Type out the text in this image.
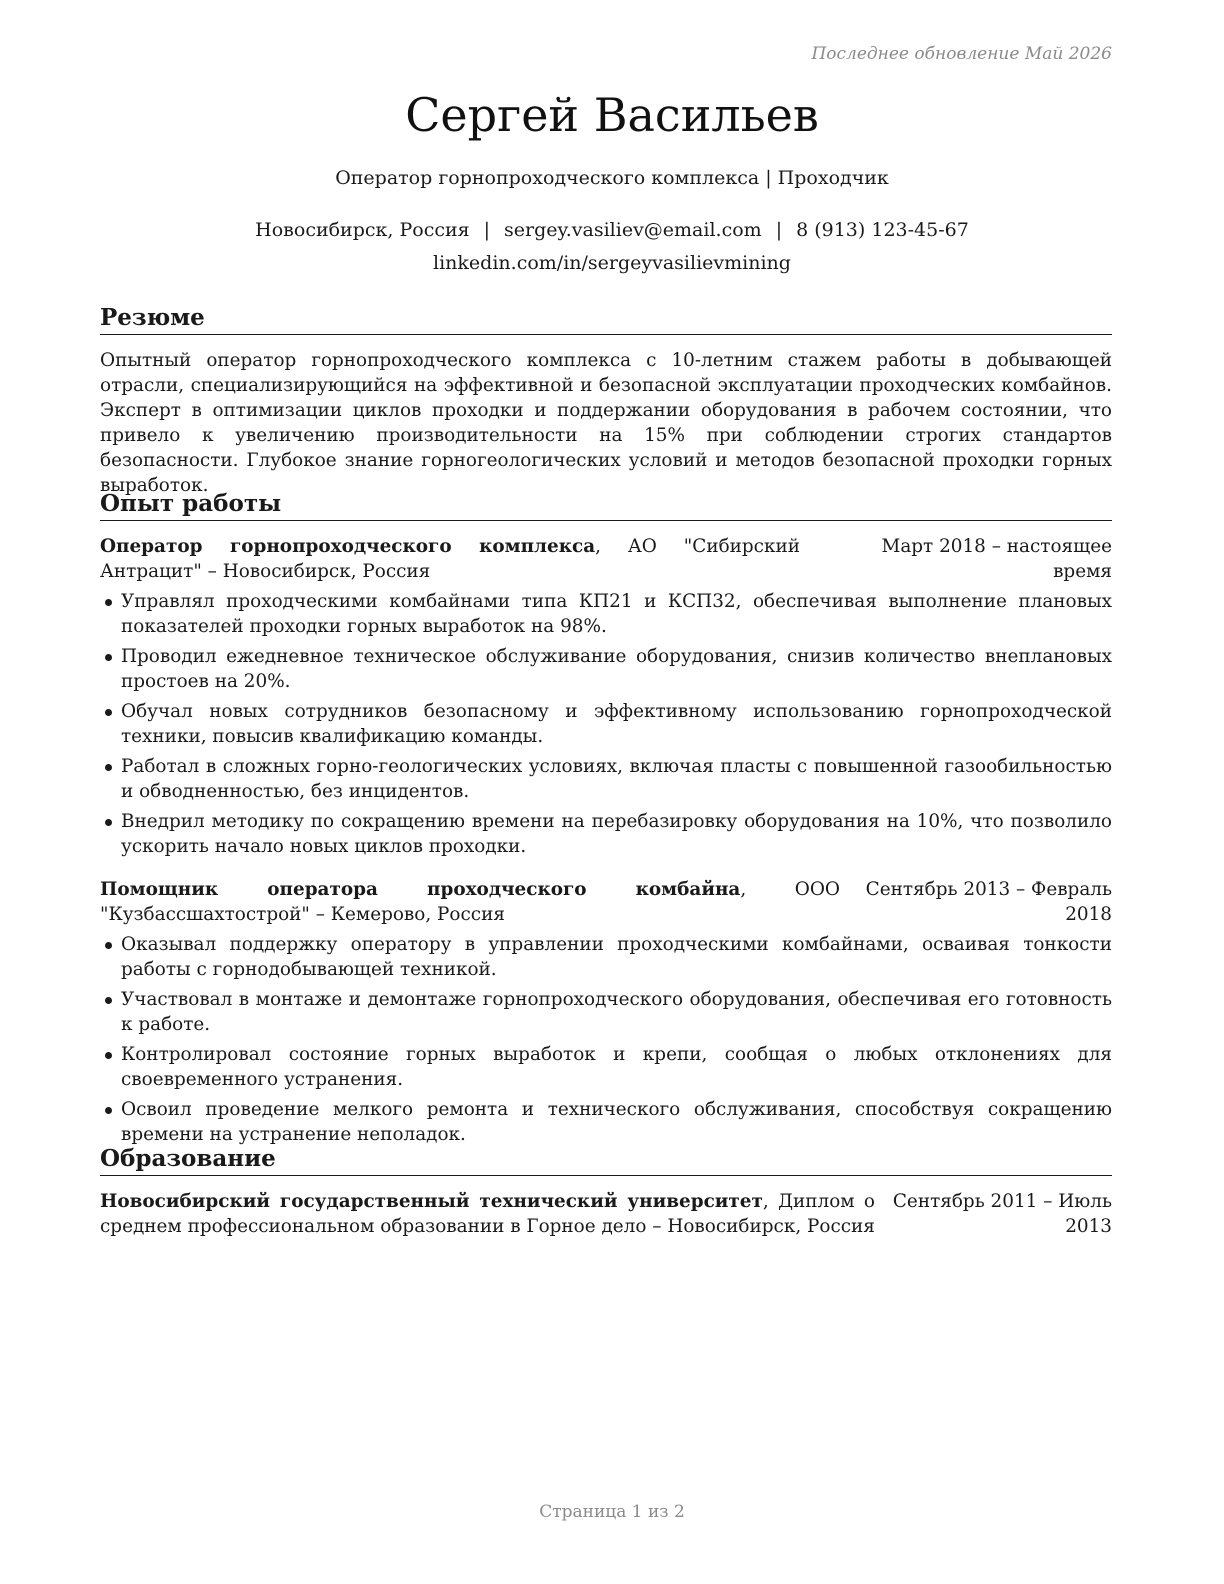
Последнее обновление Май 2026
Сергей Васильев
Оператор горнопроходческого комплекса | Проходчик
Новосибирск, Россия | sergey.vasiliev@email.com | 8 (913) 123-45-67
linkedin.com/in/sergeyvasilievmining
Резюме

Опытный оператор горнопроходческого комплекса с 10-летним стажем работы в добывающей отрасли, специализирующийся на эффективной и безопасной эксплуатации проходческих комбайнов. Эксперт в оптимизации циклов проходки и поддержании оборудования в рабочем состоянии, что привело к увеличению производительности на 15% при соблюдении строгих стандартов безопасности. Глубокое знание горногеологических условий и методов безопасной проходки горных выработок.

Опыт работы
Оператор горнопроходческого комплекса, АО "Сибирский Антрацит" – Новосибирск, Россия
Март 2018 – настоящее
время
Управлял проходческими комбайнами типа КП21 и КСП32, обеспечивая выполнение плановых показателей проходки горных выработок на 98%.
Проводил ежедневное техническое обслуживание оборудования, снизив количество внеплановых простоев на 20%.
Обучал новых сотрудников безопасному и эффективному использованию горнопроходческой техники, повысив квалификацию команды.
Работал в сложных горно-геологических условиях, включая пласты с повышенной газообильностью и обводненностью, без инцидентов.
Внедрил методику по сокращению времени на перебазировку оборудования на 10%, что позволило ускорить начало новых циклов проходки.
Помощник оператора проходческого комбайна, ООО "Кузбассшахтострой" – Кемерово, Россия
Сентябрь 2013 – Февраль
2018
Оказывал поддержку оператору в управлении проходческими комбайнами, осваивая тонкости работы с горнодобывающей техникой.
Участвовал в монтаже и демонтаже горнопроходческого оборудования, обеспечивая его готовность к работе.
Контролировал состояние горных выработок и крепи, сообщая о любых отклонениях для своевременного устранения.
Освоил проведение мелкого ремонта и технического обслуживания, способствуя сокращению времени на устранение неполадок.
Образование
Новосибирский государственный технический университет, Диплом о среднем профессиональном образовании в Горное дело – Новосибирск, Россия
Сентябрь 2011 – Июль
2013
Страница 1 из 2
